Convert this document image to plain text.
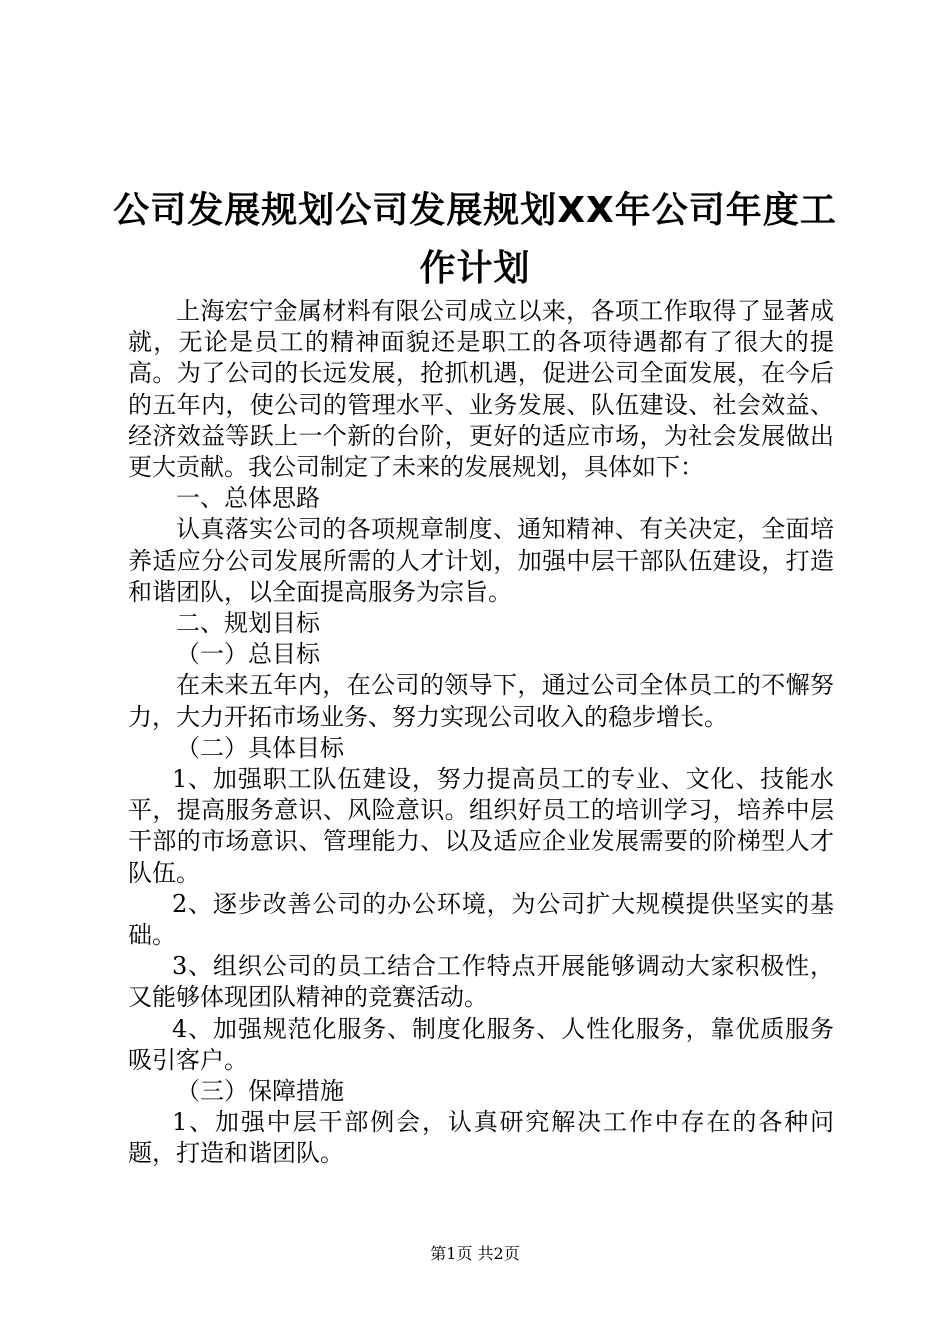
公司发展规划公司发展规划XX年公司年度工
作计划

上海宏宁金属材料有限公司成立以来，各项工作取得了显著成就，无论是员工的精神面貌还是职工的各项待遇都有了很大的提高。为了公司的长远发展，抢抓机遇，促进公司全面发展，在今后的五年内，使公司的管理水平、业务发展、队伍建设、社会效益、经济效益等跃上一个新的台阶，更好的适应市场，为社会发展做出更大贡献。我公司制定了未来的发展规划，具体如下：

一、总体思路

认真落实公司的各项规章制度、通知精神、有关决定，全面培养适应分公司发展所需的人才计划，加强中层干部队伍建设，打造和谐团队，以全面提高服务为宗旨。

二、规划目标

（一）总目标

在未来五年内，在公司的领导下，通过公司全体员工的不懈努力，大力开拓市场业务、努力实现公司收入的稳步增长。

（二）具体目标

1、加强职工队伍建设，努力提高员工的专业、文化、技能水平，提高服务意识、风险意识。组织好员工的培训学习，培养中层干部的市场意识、管理能力、以及适应企业发展需要的阶梯型人才队伍。

2、逐步改善公司的办公环境，为公司扩大规模提供坚实的基础。

3、组织公司的员工结合工作特点开展能够调动大家积极性，又能够体现团队精神的竞赛活动。

4、加强规范化服务、制度化服务、人性化服务，靠优质服务吸引客户。

（三）保障措施

1、加强中层干部例会，认真研究解决工作中存在的各种问题，打造和谐团队。

第1页 共2页
